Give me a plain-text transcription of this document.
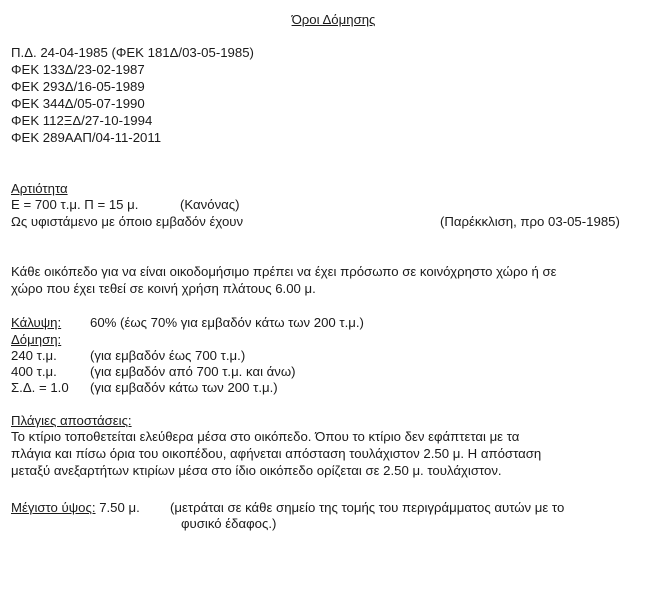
Όροι Δόμησης
Π.Δ. 24-04-1985 (ΦΕΚ 181Δ/03-05-1985)
ΦΕΚ 133Δ/23-02-1987
ΦΕΚ 293Δ/16-05-1989
ΦΕΚ 344Δ/05-07-1990
ΦΕΚ 112ΞΔ/27-10-1994
ΦΕΚ 289ΑΑΠ/04-11-2011
Αρτιότητα
Ε = 700 τ.μ. Π = 15 μ.	(Κανόνας)
Ως υφιστάμενο με όποιο εμβαδόν έχουν	(Παρέκκλιση, προ 03-05-1985)
Κάθε οικόπεδο για να είναι οικοδομήσιμο πρέπει να έχει πρόσωπο σε κοινόχρηστο χώρο ή σε
χώρο που έχει τεθεί σε κοινή χρήση πλάτους 6.00 μ.
Κάλυψη: 60% (έως 70% για εμβαδόν κάτω των 200 τ.μ.)
Δόμηση:
240 τ.μ.	(για εμβαδόν έως 700 τ.μ.)
400 τ.μ.	(για εμβαδόν από 700 τ.μ. και άνω)
Σ.Δ. = 1.0 (για εμβαδόν κάτω των 200 τ.μ.)
Πλάγιες αποστάσεις:
Το κτίριο τοποθετείται ελεύθερα μέσα στο οικόπεδο. Όπου το κτίριο δεν εφάπτεται με τα
πλάγια και πίσω όρια του οικοπέδου, αφήνεται απόσταση τουλάχιστον 2.50 μ. Η απόσταση
μεταξύ ανεξαρτήτων κτιρίων μέσα στο ίδιο οικόπεδο ορίζεται σε 2.50 μ. τουλάχιστον.
Μέγιστο ύψος: 7.50 μ. (μετράται σε κάθε σημείο της τομής του περιγράμματος αυτών με το
φυσικό έδαφος.)
